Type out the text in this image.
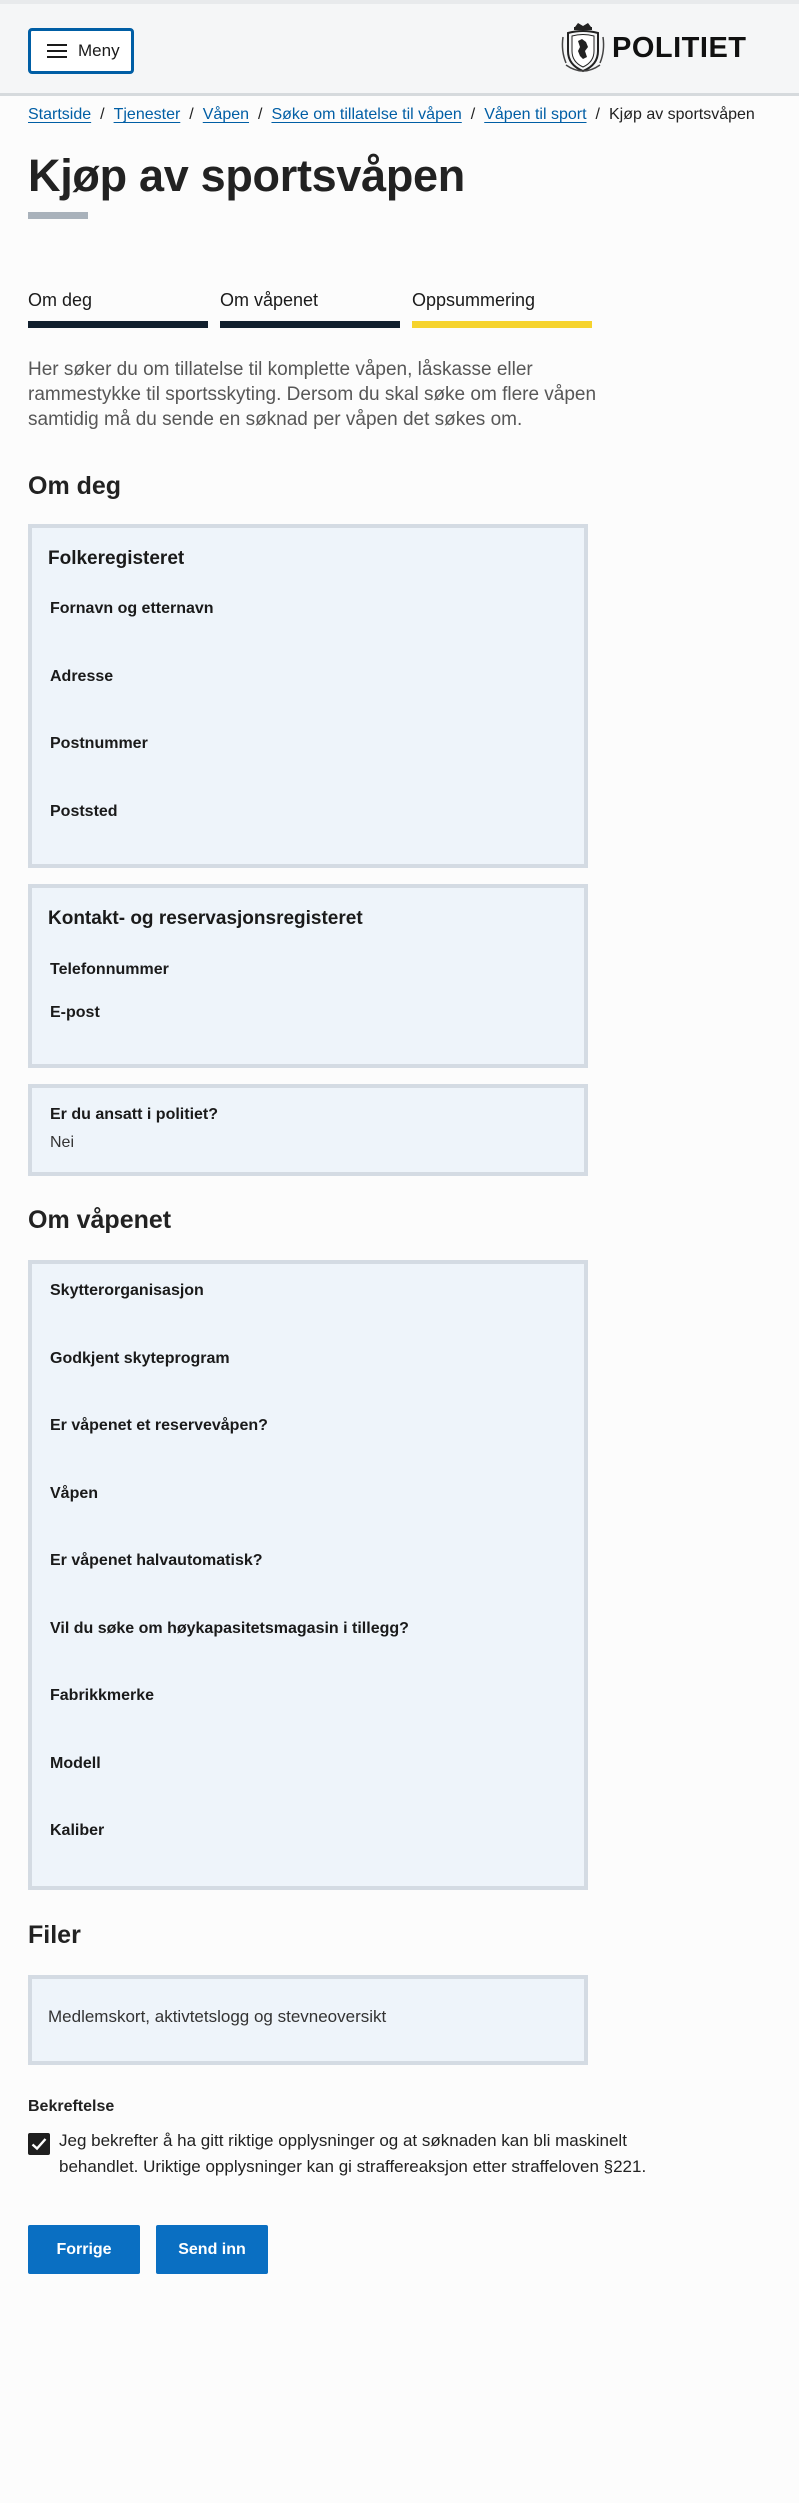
Meny	POLITIET
Startside / Tjenester / Våpen / Søke om tillatelse til våpen / Våpen til sport / Kjøp av sportsvåpen
Kjøp av sportsvåpen
Om deg	Om våpenet	Oppsummering

Her søker du om tillatelse til komplette våpen, låskasse eller rammestykke til sportsskyting. Dersom du skal søke om flere våpen samtidig må du sende en søknad per våpen det søkes om.

Om deg
Folkeregisteret
Fornavn og etternavn
Adresse
Postnummer
Poststed
Kontakt- og reservasjonsregisteret
Telefonnummer
E-post
Er du ansatt i politiet?
Nei
Om våpenet
Skytterorganisasjon
Godkjent skyteprogram
Er våpenet et reservevåpen?
Våpen
Er våpenet halvautomatisk?
Vil du søke om høykapasitetsmagasin i tillegg?
Fabrikkmerke
Modell
Kaliber
Filer
Medlemskort, aktivtetslogg og stevneoversikt
Bekreftelse

Jeg bekrefter å ha gitt riktige opplysninger og at søknaden kan bli maskinelt behandlet. Uriktige opplysninger kan gi straffereaksjon etter straffeloven §221.

Forrige	Send inn
